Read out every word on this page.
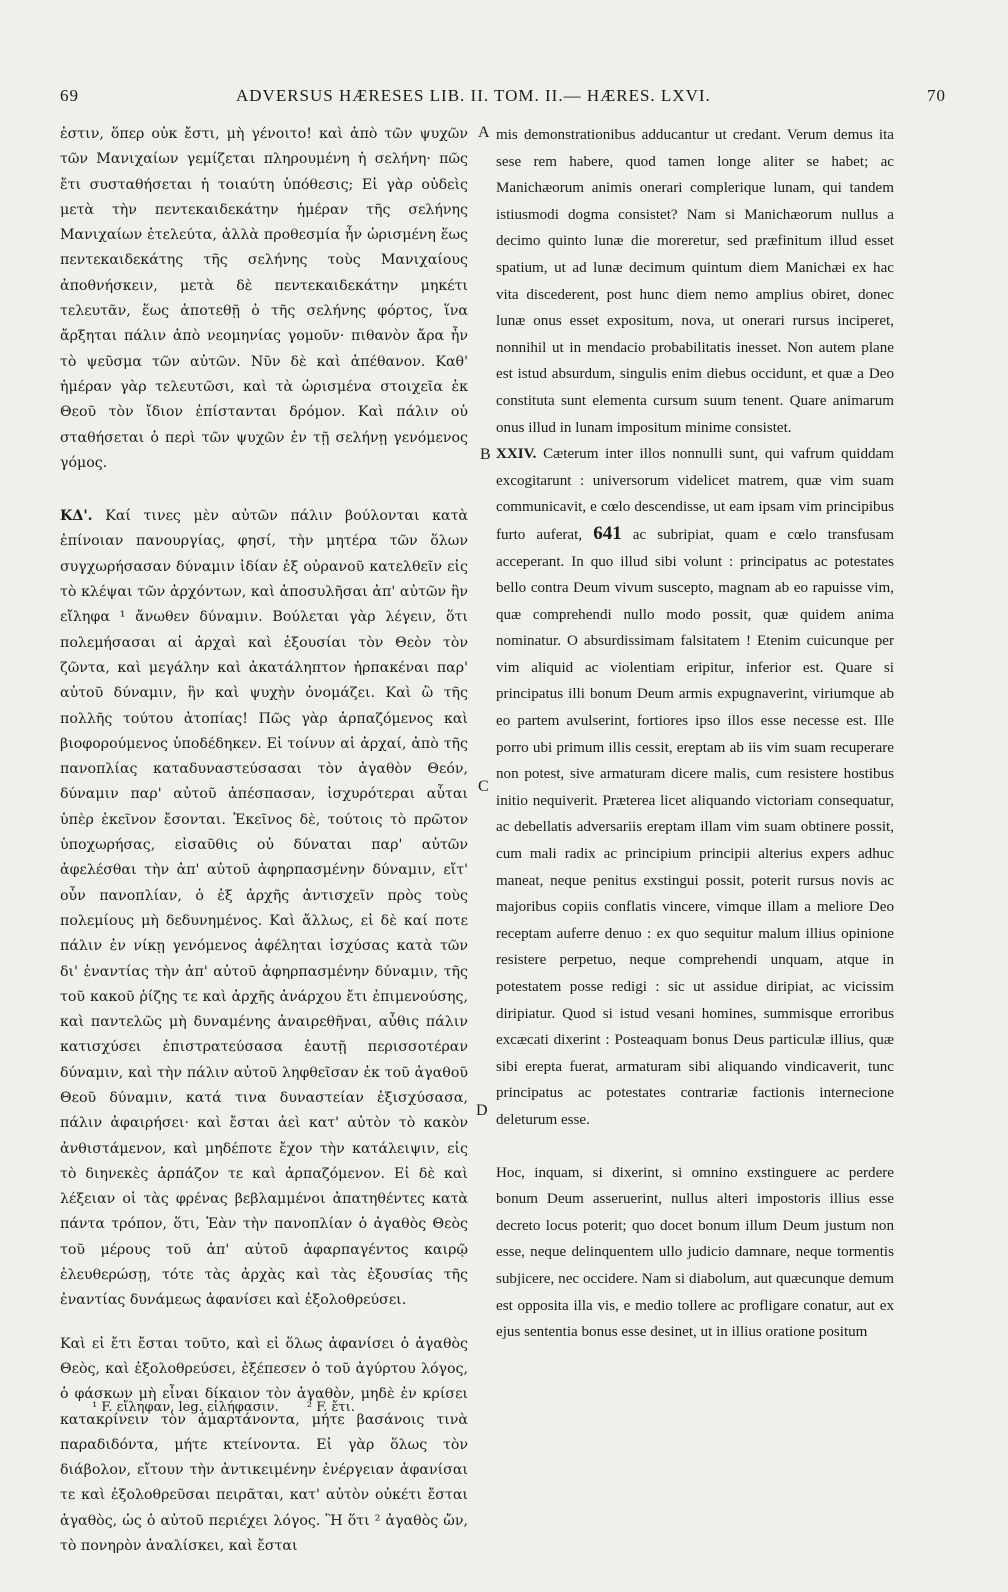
69	ADVERSUS HÆRESES LIB. II. TOM. II.— HÆRES. LXVI.	70

ἐστιν, ὅπερ οὐκ ἔστι, μὴ γένοιτο! καὶ ἀπὸ τῶν ψυχῶν τῶν Μανιχαίων γεμίζεται πληρουμένη ἡ σελήνη· πῶς ἔτι συσταθήσεται ἡ τοιαύτη ὑπόθεσις; Εἰ γὰρ οὐδεὶς μετὰ τὴν πεντεκαιδεκάτην ἡμέραν τῆς σελήνης Μανιχαίων ἐτελεύτα, ἀλλὰ προθεσμία ἦν ὡρισμένη ἕως πεντεκαιδεκάτης τῆς σελήνης τοὺς Μανιχαίους ἀποθνήσκειν, μετὰ δὲ πεντεκαιδεκάτην μηκέτι τελευτᾶν, ἕως ἀποτεθῇ ὁ τῆς σελήνης φόρτος, ἵνα ἄρξηται πάλιν ἀπὸ νεομηνίας γομοῦν· πιθανὸν ἄρα ἦν τὸ ψεῦσμα τῶν αὐτῶν. Νῦν δὲ καὶ ἀπέθανον. Καθ' ἡμέραν γὰρ τελευτῶσι, καὶ τὰ ὡρισμένα στοιχεῖα ἐκ Θεοῦ τὸν ἴδιον ἐπίστανται δρόμον. Καὶ πάλιν οὐ σταθήσεται ὁ περὶ τῶν ψυχῶν ἐν τῇ σελήνῃ γενόμενος γόμος.

ΚΔ'. Καί τινες μὲν αὐτῶν πάλιν βούλονται κατὰ ἐπίνοιαν πανουργίας, φησί, τὴν μητέρα τῶν ὅλων συγχωρήσασαν δύναμιν ἰδίαν ἐξ οὐρανοῦ κατελθεῖν εἰς τὸ κλέψαι τῶν ἀρχόντων, καὶ ἀποσυλῆσαι ἀπ' αὐτῶν ἣν εἴληφα ¹ ἄνωθεν δύναμιν. Βούλεται γὰρ λέγειν, ὅτι πολεμήσασαι αἱ ἀρχαὶ καὶ ἐξουσίαι τὸν Θεὸν τὸν ζῶντα, καὶ μεγάλην καὶ ἀκατάληπτον ἡρπακέναι παρ' αὐτοῦ δύναμιν, ἣν καὶ ψυχὴν ὀνομάζει. Καὶ ὢ τῆς πολλῆς τούτου ἀτοπίας! Πῶς γὰρ ἁρπαζόμενος καὶ βιοφορούμενος ὑποδέδηκεν. Εἰ τοίνυν αἱ ἀρχαί, ἀπὸ τῆς πανοπλίας καταδυναστεύσασαι τὸν ἀγαθὸν Θεόν, δύναμιν παρ' αὐτοῦ ἀπέσπασαν, ἰσχυρότεραι αὗται ὑπὲρ ἐκεῖνον ἔσονται. Ἐκεῖνος δὲ, τούτοις τὸ πρῶτον ὑποχωρήσας, εἰσαῦθις οὐ δύναται παρ' αὐτῶν ἀφελέσθαι τὴν ἀπ' αὐτοῦ ἀφηρπασμένην δύναμιν, εἴτ' οὖν πανοπλίαν, ὁ ἐξ ἀρχῆς ἀντισχεῖν πρὸς τοὺς πολεμίους μὴ δεδυνημένος. Καὶ ἄλλως, εἰ δὲ καί ποτε πάλιν ἐν νίκῃ γενόμενος ἀφέληται ἰσχύσας κατὰ τῶν δι' ἐναντίας τὴν ἀπ' αὐτοῦ ἀφηρπασμένην δύναμιν, τῆς τοῦ κακοῦ ῥίζης τε καὶ ἀρχῆς ἀνάρχου ἔτι ἐπιμενούσης, καὶ παντελῶς μὴ δυναμένης ἀναιρεθῆναι, αὖθις πάλιν κατισχύσει ἐπιστρατεύσασα ἑαυτῇ περισσοτέραν δύναμιν, καὶ τὴν πάλιν αὐτοῦ ληφθεῖσαν ἐκ τοῦ ἀγαθοῦ Θεοῦ δύναμιν, κατά τινα δυναστείαν ἐξισχύσασα, πάλιν ἀφαιρήσει· καὶ ἔσται ἀεὶ κατ' αὐτὸν τὸ κακὸν ἀνθιστάμενον, καὶ μηδέποτε ἔχον τὴν κατάλειψιν, εἰς τὸ διηνεκὲς ἁρπάζον τε καὶ ἁρπαζόμενον. Εἰ δὲ καὶ λέξειαν οἱ τὰς φρένας βεβλαμμένοι ἀπατηθέντες κατὰ πάντα τρόπον, ὅτι, Ἐὰν τὴν πανοπλίαν ὁ ἀγαθὸς Θεὸς τοῦ μέρους τοῦ ἀπ' αὐτοῦ ἀφαρπαγέντος καιρῷ ἐλευθερώσῃ, τότε τὰς ἀρχὰς καὶ τὰς ἐξουσίας τῆς ἐναντίας δυνάμεως ἀφανίσει καὶ ἐξολοθρεύσει.

Καὶ εἰ ἔτι ἔσται τοῦτο, καὶ εἰ ὅλως ἀφανίσει ὁ ἀγαθὸς Θεὸς, καὶ ἐξολοθρεύσει, ἐξέπεσεν ὁ τοῦ ἀγύρτου λόγος, ὁ φάσκων μὴ εἶναι δίκαιον τὸν ἀγαθὸν, μηδὲ ἐν κρίσει κατακρίνειν τὸν ἁμαρτάνοντα, μήτε βασάνοις τινὰ παραδιδόντα, μήτε κτείνοντα. Εἰ γὰρ ὅλως τὸν διάβολον, εἴτουν τὴν ἀντικειμένην ἐνέργειαν ἀφανίσαι τε καὶ ἐξολοθρεῦσαι πειρᾶται, κατ' αὐτὸν οὐκέτι ἔσται ἀγαθὸς, ὡς ὁ αὐτοῦ περιέχει λόγος. Ἢ ὅτι ² ἀγαθὸς ὤν, τὸ πονηρὸν ἀναλίσκει, καὶ ἔσται

A
B
C
D

mis demonstrationibus adducantur ut credant. Verum demus ita sese rem habere, quod tamen longe aliter se habet; ac Manichæorum animis onerari complerique lunam, qui tandem istiusmodi dogma consistet? Nam si Manichæorum nullus a decimo quinto lunæ die moreretur, sed præfinitum illud esset spatium, ut ad lunæ decimum quintum diem Manichæi ex hac vita discederent, post hunc diem nemo amplius obiret, donec lunæ onus esset expositum, nova, ut onerari rursus inciperet, nonnihil ut in mendacio probabilitatis inesset. Non autem plane est istud absurdum, singulis enim diebus occidunt, et quæ a Deo constituta sunt elementa cursum suum tenent. Quare animarum onus illud in lunam impositum minime consistet.

XXIV. Cæterum inter illos nonnulli sunt, qui vafrum quiddam excogitarunt : universorum videlicet matrem, quæ vim suam communicavit, e cœlo descendisse, ut eam ipsam vim principibus furto auferat, 641 ac subripiat, quam e cœlo transfusam acceperant. In quo illud sibi volunt : principatus ac potestates bello contra Deum vivum suscepto, magnam ab eo rapuisse vim, quæ comprehendi nullo modo possit, quæ quidem anima nominatur. O absurdissimam falsitatem ! Etenim cuicunque per vim aliquid ac violentiam eripitur, inferior est. Quare si principatus illi bonum Deum armis expugnaverint, viriumque ab eo partem avulserint, fortiores ipso illos esse necesse est. Ille porro ubi primum illis cessit, ereptam ab iis vim suam recuperare non potest, sive armaturam dicere malis, cum resistere hostibus initio nequiverit. Præterea licet aliquando victoriam consequatur, ac debellatis adversariis ereptam illam vim suam obtinere possit, cum mali radix ac principium principii alterius expers adhuc maneat, neque penitus exstingui possit, poterit rursus novis ac majoribus copiis conflatis vincere, vimque illam a meliore Deo receptam auferre denuo : ex quo sequitur malum illius opinione resistere perpetuo, neque comprehendi unquam, atque in potestatem posse redigi : sic ut assidue diripiat, ac vicissim diripiatur. Quod si istud vesani homines, summisque erroribus excæcati dixerint : Posteaquam bonus Deus particulæ illius, quæ sibi erepta fuerat, armaturam sibi aliquando vindicaverit, tunc principatus ac potestates contrariæ factionis internecione deleturum esse.

Hoc, inquam, si dixerint, si omnino exstinguere ac perdere bonum Deum asseruerint, nullus alteri impostoris illius esse decreto locus poterit; quo docet bonum illum Deum justum non esse, neque delinquentem ullo judicio damnare, neque tormentis subjicere, nec occidere. Nam si diabolum, aut quæcunque demum est opposita illa vis, e medio tollere ac profligare conatur, aut ex ejus sententia bonus esse desinet, ut in illius oratione positum

¹ F. εἴληφαν, leg. εἰλήφασιν. ² F. ἔτι.
